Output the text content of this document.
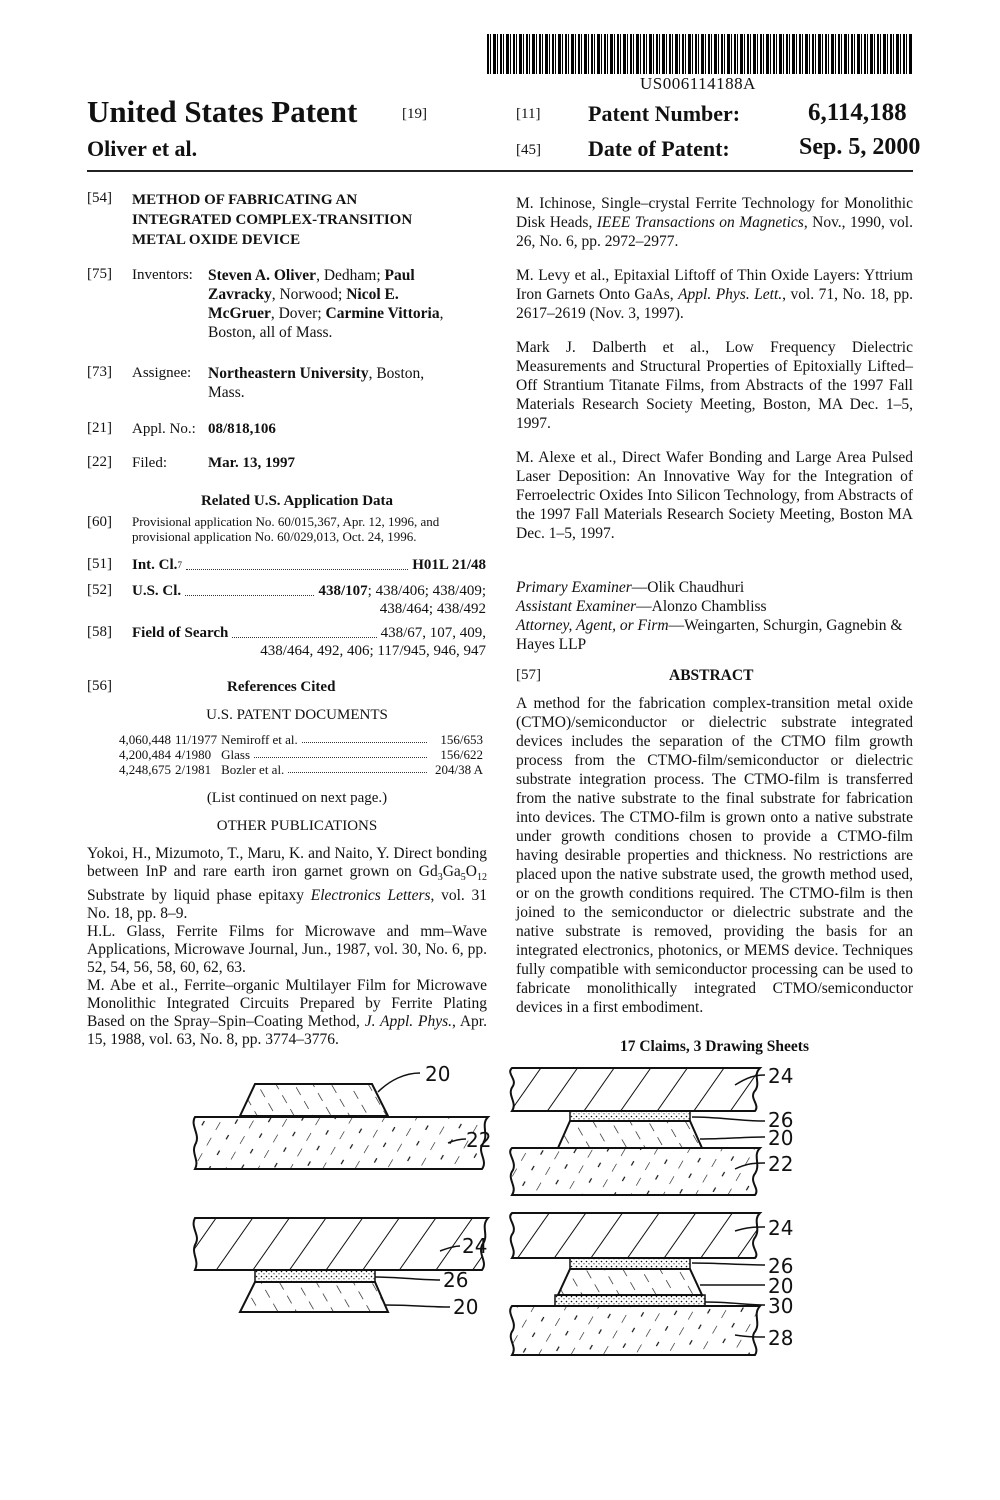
US006114188A
United States Patent	[19]
Oliver et al.
[11] Patent Number:	6,114,188
[45] Date of Patent:	Sep. 5, 2000
[54] METHOD OF FABRICATING AN
INTEGRATED COMPLEX-TRANSITION
METAL OXIDE DEVICE
[75] Inventors: Steven A. Oliver, Dedham; Paul
Zavracky, Norwood; Nicol E.
McGruer, Dover; Carmine Vittoria,
Boston, all of Mass.
[73] Assignee: Northeastern University, Boston,
Mass.
[21] Appl. No.: 08/818,106
[22] Filed:	Mar. 13, 1997
Related U.S. Application Data
[60] Provisional application No. 60/015,367, Apr. 12, 1996, and
provisional application No. 60/029,013, Oct. 24, 1996.
[51] Int. Cl. 7	H01L 21/48
[52] U.S. Cl.	438/107; 438/406; 438/409;
438/464; 438/492
[58] Field of Search	438/67, 107, 409,
438/464, 492, 406; 117/945, 946, 947
[56]	References Cited
U.S. PATENT DOCUMENTS
4,060,448	11/1977	Nemiroff et al.	156/653
4,200,484	4/1980	Glass	156/622
4,248,675	2/1981	Bozler et al.	204/38 A
(List continued on next page.)
OTHER PUBLICATIONS

Yokoi, H., Mizumoto, T., Maru, K. and Naito, Y. Direct bonding between InP and rare earth iron garnet grown on $Gd_3Ga_5O_{12}$ Substrate by liquid phase epitaxy Electronics Letters, vol. 31 No. 18, pp. 8–9.

H.L. Glass, Ferrite Films for Microwave and mm–Wave Applications, Microwave Journal, Jun., 1987, vol. 30, No. 6, pp. 52, 54, 56, 58, 60, 62, 63.

M. Abe et al., Ferrite–organic Multilayer Film for Microwave Monolithic Integrated Circuits Prepared by Ferrite Plating Based on the Spray–Spin–Coating Method, J. Appl. Phys., Apr. 15, 1988, vol. 63, No. 8, pp. 3774–3776.

M. Ichinose, Single–crystal Ferrite Technology for Monolithic Disk Heads, IEEE Transactions on Magnetics, Nov., 1990, vol. 26, No. 6, pp. 2972–2977.

M. Levy et al., Epitaxial Liftoff of Thin Oxide Layers: Yttrium Iron Garnets Onto GaAs, Appl. Phys. Lett., vol. 71, No. 18, pp. 2617–2619 (Nov. 3, 1997).

Mark J. Dalberth et al., Low Frequency Dielectric Measurements and Structural Properties of Epitoxially Lifted–Off Strantium Titanate Films, from Abstracts of the 1997 Fall Materials Research Society Meeting, Boston, MA Dec. 1–5, 1997.

M. Alexe et al., Direct Wafer Bonding and Large Area Pulsed Laser Deposition: An Innovative Way for the Integration of Ferroelectric Oxides Into Silicon Technology, from Abstracts of the 1997 Fall Materials Research Society Meeting, Boston MA Dec. 1–5, 1997.

Primary Examiner—Olik Chaudhuri
Assistant Examiner—Alonzo Chambliss
Attorney, Agent, or Firm—Weingarten, Schurgin, Gagnebin & Hayes LLP
[57]	ABSTRACT

A method for the fabrication complex-transition metal oxide (CTMO)/semiconductor or dielectric substrate integrated devices includes the separation of the CTMO film growth process from the CTMO-film/semiconductor or dielectric substrate integration process. The CTMO-film is transferred from the native substrate to the final substrate for fabrication into devices. The CTMO-film is grown onto a native substrate under growth conditions chosen to provide a CTMO-film having desirable properties and thickness. No restrictions are placed upon the native substrate used, the growth method used, or on the growth conditions required. The CTMO-film is then joined to the semiconductor or dielectric substrate and the native substrate is removed, providing the basis for an integrated electronics, photonics, or MEMS device. Techniques fully compatible with semiconductor processing can be used to fabricate monolithically integrated CTMO/semiconductor devices in a first embodiment.

17 Claims, 3 Drawing Sheets
20
22
24
26
20
24
26
20
22
24
26
20
30
28
